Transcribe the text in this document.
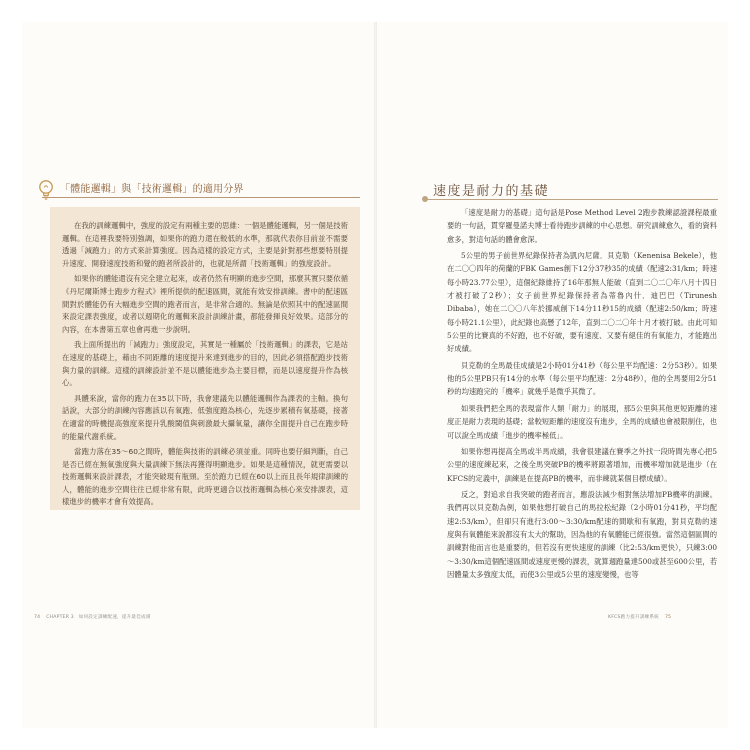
「體能邏輯」與「技術邏輯」的適用分界

在我的訓練邏輯中，強度的設定有兩種主要的思維：一個是體能邏輯，另一個是技術邏輯。在這裡我要特別強調，如果你的跑力還在較低的水準，那就代表你目前並不需要透過「減跑力」的方式來計算強度。因為這樣的設定方式，主要是針對那些想要特別提升速度、開發速度技術和覺的跑者所設計的，也就是所謂「技術邏輯」的強度設計。

如果你的體能還沒有完全建立起來，或者仍然有明顯的進步空間，那麼其實只要依循《丹尼爾斯博士跑步方程式》裡所提供的配速區間，就能有效安排訓練。書中的配速區間對於體能仍有大幅進步空間的跑者而言，是非常合適的。無論是依照其中的配速區間來設定課表強度，或者以週期化的邏輯來設計訓練計畫，都能發揮良好效果。這部分的內容，在本書第五章也會再進一步說明。

我上面所提出的「減跑力」強度設定，其實是一種屬於「技術邏輯」的課表，它是站在速度的基礎上，藉由不同距離的速度提升來達到進步的目的，因此必須搭配跑步技術與力量的訓練。這樣的訓練設計並不是以體能進步為主要目標，而是以速度提升作為核心。

具體來說，當你的跑力在35以下時，我會建議先以體能邏輯作為課表的主軸。換句話說，大部分的訓練內容應該以有氧跑、低強度跑為核心，先逐步累積有氧基礎，接著在適當的時機提高強度來提升乳酸閾值與刺激最大攝氧量，讓你全面提升自己在跑步時的能量代謝系統。

當跑力落在35～60之間時，體能與技術的訓練必須並重。同時也要仔細判斷，自己是否已經在無氧強度與大量訓練下無法再獲得明顯進步。如果是這種情況，就更需要以技術邏輯來設計課表，才能突破現有瓶頸。至於跑力已經在60以上而且長年規律訓練的人，體能的進步空間往往已經非常有限，此時更適合以技術邏輯為核心來安排課表，這樣進步的機率才會有效提高。

74 CHAPTER 3　如何設定訓練配速，提升最佳成績
速度是耐力的基礎

「速度是耐力的基礎」這句話是Pose Method Level 2跑步教練認證課程最重要的一句話，貫穿羅曼諾夫博士看待跑步訓練的中心思想。研究訓練愈久，看的資料愈多，對這句話的體會愈深。

5公里的男子前世界紀錄保持者為凱內尼薩．貝克勒（Kenenisa Bekele），他在二〇〇四年的荷蘭的FBK Games創下12分37秒35的成績（配速2:31/km；時速每小時23.77公里），這個紀錄維持了16年那無人能破（直到二〇二〇年八月十四日才被打破了2秒）；女子前世界紀錄保持者為蒂魯內什．迪巴巴（Tirunesh Dibaba），她在二〇〇八年於挪威創下14分11秒15的成績（配速2:50/km；時速每小時21.1公里），此紀錄也高懸了12年，直到二〇二〇年十月才被打破。由此可知5公里的比賽真的不好跑，也不好破，要有速度、又要有絕佳的有氧能力，才能跑出好成績。

貝克勒的全馬最佳成績是2小時01分41秒（每公里平均配速：2分53秒）。如果他的5公里PB只有14分的水準（每公里平均配速：2分48秒），他的全馬要用2分51秒的均速跑完的「機率」就幾乎是微乎其微了。

如果我們把全馬的表現當作人類「耐力」的展現，那5公里與其他更短距離的速度正是耐力表現的基礎；當較短距離的速度沒有進步，全馬的成績也會被限制住，也可以說全馬成績「進步的機率極低」。

如果你想再提高全馬或半馬成績，我會很建議在賽季之外找一段時間先專心把5公里的速度練起來，之後全馬突破PB的機率將跟著增加，而機率增加就是進步（在KFCS的定義中，訓練是在提高PB的機率，而非練就某個目標成績）。

反之，對追求自我突破的跑者而言，應設法減少相對無法增加PB機率的訓練。我們再以貝克勒為例，如果他想打破自己的馬拉松紀錄（2小時01分41秒，平均配速2:53/km），但卻只有進行3:00～3:30/km配速的間歇和有氧跑，對貝克勒的速度與有氧體能來說都沒有太大的幫助，因為他的有氧體能已經很強。當然這個區間的訓練對他而言也是重要的，但若沒有更快速度的訓練（比2:53/km更快），只練3:00～3:30/km這個配速區間或速度更慢的課表，就算週跑量達500或甚至600公里，若因體量太多強度太低，而使3公里或5公里的速度變慢，也等

KFCS跑力提升訓練系統 75
